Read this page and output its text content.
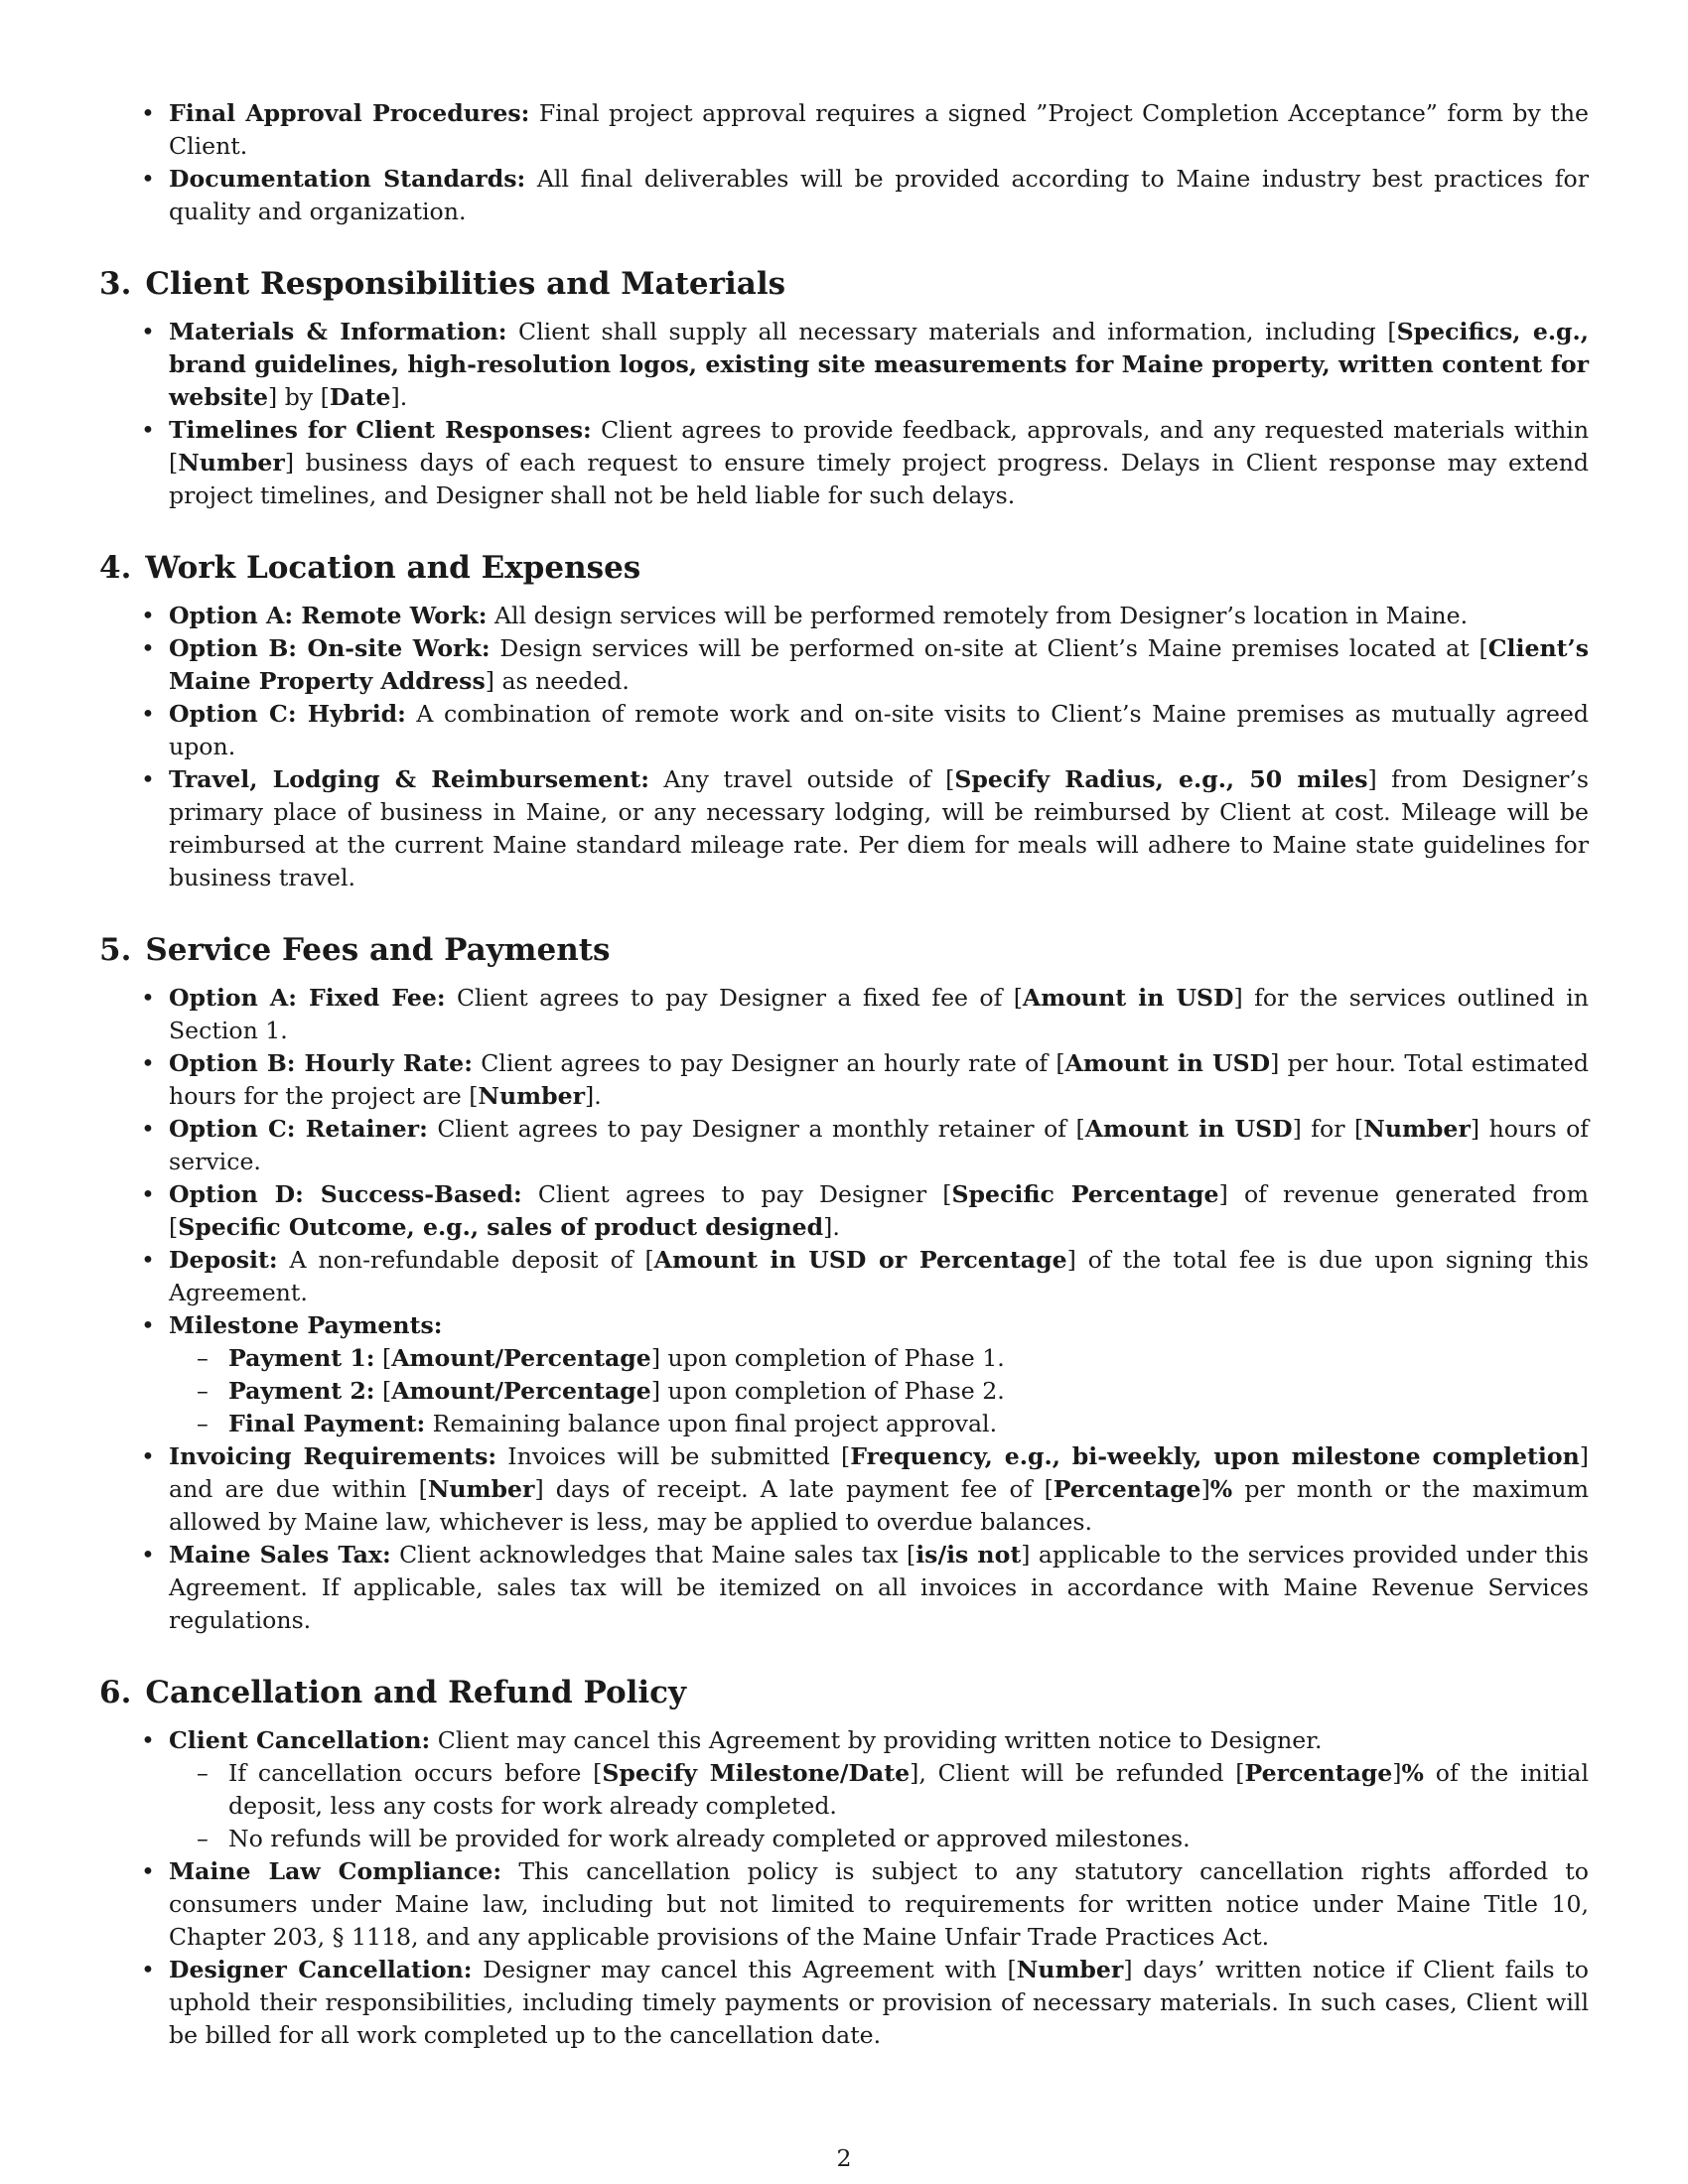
• Final Approval Procedures: Final project approval requires a signed ”Project Completion Acceptance” form by the Client.
• Documentation Standards: All final deliverables will be provided according to Maine industry best practices for quality and organization.
3. Client Responsibilities and Materials
• Materials & Information: Client shall supply all necessary materials and information, including [Specifics, e.g., brand guidelines, high-resolution logos, existing site measurements for Maine property, written content for website] by [Date].
• Timelines for Client Responses: Client agrees to provide feedback, approvals, and any requested materials within [Number] business days of each request to ensure timely project progress. Delays in Client response may extend project timelines, and Designer shall not be held liable for such delays.
4. Work Location and Expenses
• Option A: Remote Work: All design services will be performed remotely from Designer’s location in Maine.
• Option B: On-site Work: Design services will be performed on-site at Client’s Maine premises located at [Client’s Maine Property Address] as needed.
• Option C: Hybrid: A combination of remote work and on-site visits to Client’s Maine premises as mutually agreed upon.
• Travel, Lodging & Reimbursement: Any travel outside of [Specify Radius, e.g., 50 miles] from Designer’s primary place of business in Maine, or any necessary lodging, will be reimbursed by Client at cost. Mileage will be reimbursed at the current Maine standard mileage rate. Per diem for meals will adhere to Maine state guidelines for business travel.
5. Service Fees and Payments
• Option A: Fixed Fee: Client agrees to pay Designer a fixed fee of [Amount in USD] for the services outlined in Section 1.
• Option B: Hourly Rate: Client agrees to pay Designer an hourly rate of [Amount in USD] per hour. Total estimated hours for the project are [Number].
• Option C: Retainer: Client agrees to pay Designer a monthly retainer of [Amount in USD] for [Number] hours of service.
• Option D: Success-Based: Client agrees to pay Designer [Specific Percentage] of revenue generated from [Specific Outcome, e.g., sales of product designed].
• Deposit: A non-refundable deposit of [Amount in USD or Percentage] of the total fee is due upon signing this Agreement.
• Milestone Payments:
– Payment 1: [Amount/Percentage] upon completion of Phase 1.
– Payment 2: [Amount/Percentage] upon completion of Phase 2.
– Final Payment: Remaining balance upon final project approval.
• Invoicing Requirements: Invoices will be submitted [Frequency, e.g., bi-weekly, upon milestone completion] and are due within [Number] days of receipt. A late payment fee of [Percentage]% per month or the maximum allowed by Maine law, whichever is less, may be applied to overdue balances.
• Maine Sales Tax: Client acknowledges that Maine sales tax [is/is not] applicable to the services provided under this Agreement. If applicable, sales tax will be itemized on all invoices in accordance with Maine Revenue Services regulations.
6. Cancellation and Refund Policy
• Client Cancellation: Client may cancel this Agreement by providing written notice to Designer.
– If cancellation occurs before [Specify Milestone/Date], Client will be refunded [Percentage]% of the initial deposit, less any costs for work already completed.
– No refunds will be provided for work already completed or approved milestones.
• Maine Law Compliance: This cancellation policy is subject to any statutory cancellation rights afforded to consumers under Maine law, including but not limited to requirements for written notice under Maine Title 10, Chapter 203, § 1118, and any applicable provisions of the Maine Unfair Trade Practices Act.
• Designer Cancellation: Designer may cancel this Agreement with [Number] days’ written notice if Client fails to uphold their responsibilities, including timely payments or provision of necessary materials. In such cases, Client will be billed for all work completed up to the cancellation date.
2
